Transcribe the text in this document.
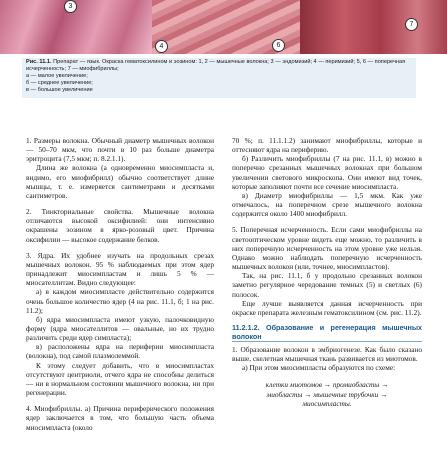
3
4
7
6
Рис. 11.1. Препарат — язык. Окраска гематоксилином и эозином: 1, 2 — мышечные волокна; 3 — эндомизий; 4 — перимизий; 5, 6 — поперечная исчерченность; 7 — миофибриллы;
а — малое увеличение;
б — среднее увеличение;
в — большое увеличение

1. Размеры волокна. Обычный диаметр мышечных волокон — 50–70 мкм, что почти в 10 раз больше диаметра эритроцита (7,5 мкм; п. 8.2.1.1).

Длина же волокна (а одновременно миосимпласта и, видимо, его миофибрилл) обычно соответствует длине мышцы, т. е. измеряется сантиметрами и десятками сантиметров.

2. Тинкториальные свойства. Мышечные волокна отличаются высокой оксифилией: они интенсивно окрашены эозином в ярко-розовый цвет. Причина оксифилии — высокое содержание белков.

3. Ядра. Их удобнее изучать на продольных срезах мышечных волокон. 95 % наблюдаемых при этом ядер принадлежит миосимпластам и лишь 5 % — миосателлитам. Видно следующее:

а) в каждом миосимпласте действительно содержится очень большое количество ядер (4 на рис. 11.1, б; 1 на рис. 11.2);

б) ядра миосимпласта имеют узкую, палочковидную форму (ядра миосателлитов — овальные, но их трудно различить среди ядер симпласта);

в) расположены ядра на периферии миосимпласта (волокна), под самой плазмолеммой.

К этому следует добавить, что в миосимпластах отсутствуют центриоли, отчего ядра не способны делиться — ни в нормальном состоянии мышечного волокна, ни при регенерации.

4. Миофибриллы. а) Причина периферического положения ядер заключается в том, что большую часть объема миосимпласта (около

70 %; п. 11.1.1.2) занимают миофибриллы, которые и оттесняют ядра на периферию.

б) Различить миофибриллы (7 на рис. 11.1, в) можно в поперечно срезанных мышечных волокнах при большом увеличении светового микроскопа. Они имеют вид точек, которые заполняют почти все сечение миосимпласта.

в) Диаметр миофибриллы — 1,5 мкм. Как уже отмечалось, на поперечном срезе мышечного волокна содержится около 1400 миофибрилл.

5. Поперечная исчерченность. Если сами миофибриллы на светооптическом уровне видеть еще можно, то различить в них поперечную исчерченность на этом уровне уже нельзя. Однако можно наблюдать поперечную исчерченность мышечных волокон (или, точнее, миосимпластов).

Так, на рис. 11.1, б у продольно срезанных волокон заметно регулярное чередование темных (5) и светлых (6) полосок.

Еще лучше выявляется данная исчерченность при окраске препарата железным гематоксилином (см. рис. 11.2).

11.2.1.2. Образование и регенерация мышечных волокон

1. Образование волокон в эмбриогенезе. Как было сказано выше, скелетная мышечная ткань развивается из миотомов.

а) При этом миосимпласты образуются по схеме:

клетки миотомов → промиобласты →
миобласты → мышечные трубочки →
миосимпласты.
